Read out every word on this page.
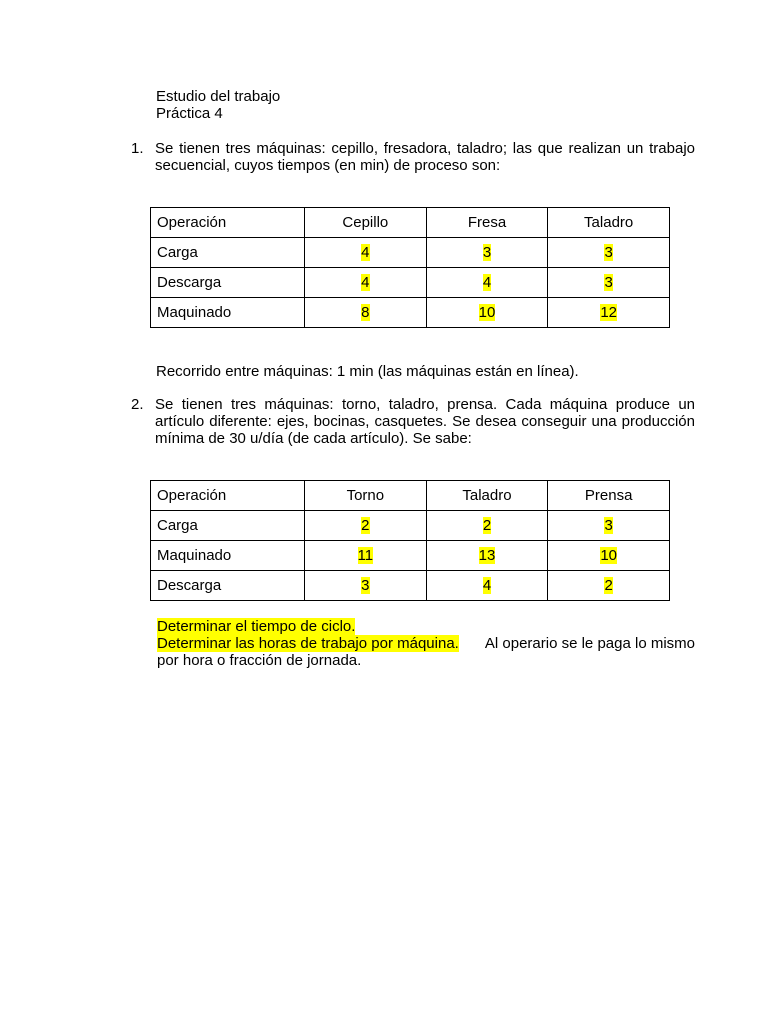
Estudio del trabajo
Práctica 4
1. Se tienen tres máquinas: cepillo, fresadora, taladro; las que realizan un trabajo secuencial, cuyos tiempos (en min) de proceso son:
Operación	Cepillo	Fresa	Taladro
Carga	4	3	3
Descarga	4	4	3
Maquinado	8	10	12
Recorrido entre máquinas: 1 min (las máquinas están en línea).
2. Se tienen tres máquinas: torno, taladro, prensa. Cada máquina produce un artículo diferente: ejes, bocinas, casquetes. Se desea conseguir una producción mínima de 30 u/día (de cada artículo). Se sabe:
Operación	Torno	Taladro	Prensa
Carga	2	2	3
Maquinado	11	13	10
Descarga	3	4	2
Determinar el tiempo de ciclo.
Determinar las horas de trabajo por máquina. Al operario se le paga lo mismo
por hora o fracción de jornada.
